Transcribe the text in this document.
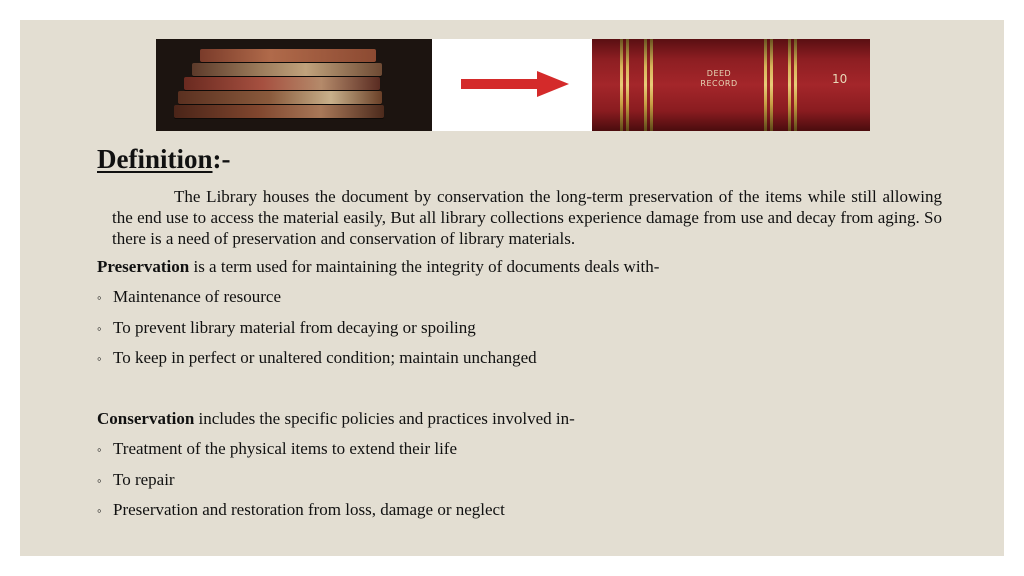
DEED
RECORD	10
Definition:-

The Library houses the document by conservation the long-term preservation of the items while still allowing the end use to access the material easily, But all library collections experience damage from use and decay from aging. So there is a need of preservation and conservation of library materials.

Preservation is a term used for maintaining the integrity of documents deals with-

◦ Maintenance of resource
◦ To prevent library material from decaying or spoiling
◦ To keep in perfect or unaltered condition; maintain unchanged

Conservation includes the specific policies and practices involved in-

◦ Treatment of the physical items to extend their life
◦ To repair
◦ Preservation and restoration from loss, damage or neglect
